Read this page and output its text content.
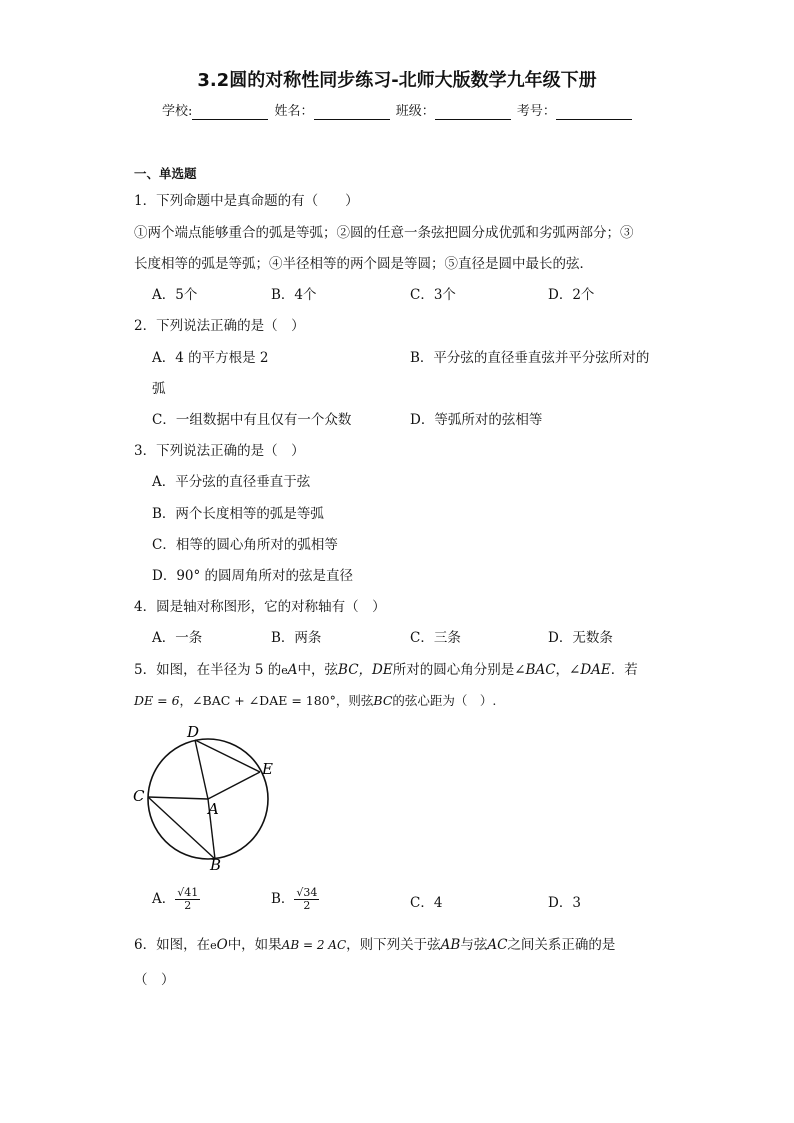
3.2圆的对称性同步练习-北师大版数学九年级下册
学校:	姓名：	班级：	考号：
一、单选题
1．下列命题中是真命题的有（　　）
①两个端点能够重合的弧是等弧；②圆的任意一条弦把圆分成优弧和劣弧两部分；③
长度相等的弧是等弧；④半径相等的两个圆是等圆；⑤直径是圆中最长的弦．
A．5个	B．4个	C．3个	D．2个
2．下列说法正确的是（　）
A．4 的平方根是 2	B．平分弦的直径垂直弦并平分弦所对的
弧
C．一组数据中有且仅有一个众数	D．等弧所对的弦相等
3．下列说法正确的是（　）
A．平分弦的直径垂直于弦
B．两个长度相等的弧是等弧
C．相等的圆心角所对的弧相等
D．90° 的圆周角所对的弦是直径
4．圆是轴对称图形，它的对称轴有（　）
A．一条	B．两条	C．三条	D．无数条
5．如图，在半径为 5 的eA中，弦BC，DE所对的圆心角分别是∠BAC，∠DAE．若
DE = 6，∠BAC + ∠DAE = 180°，则弦BC的弦心距为（　）.
D
E
C
A
B
A． $\frac{√41}{2}$	B． $\frac{√34}{2}$	C．4	D．3
6．如图，在eO中，如果AB = 2 AC，则下列关于弦AB与弦AC之间关系正确的是
（　）
